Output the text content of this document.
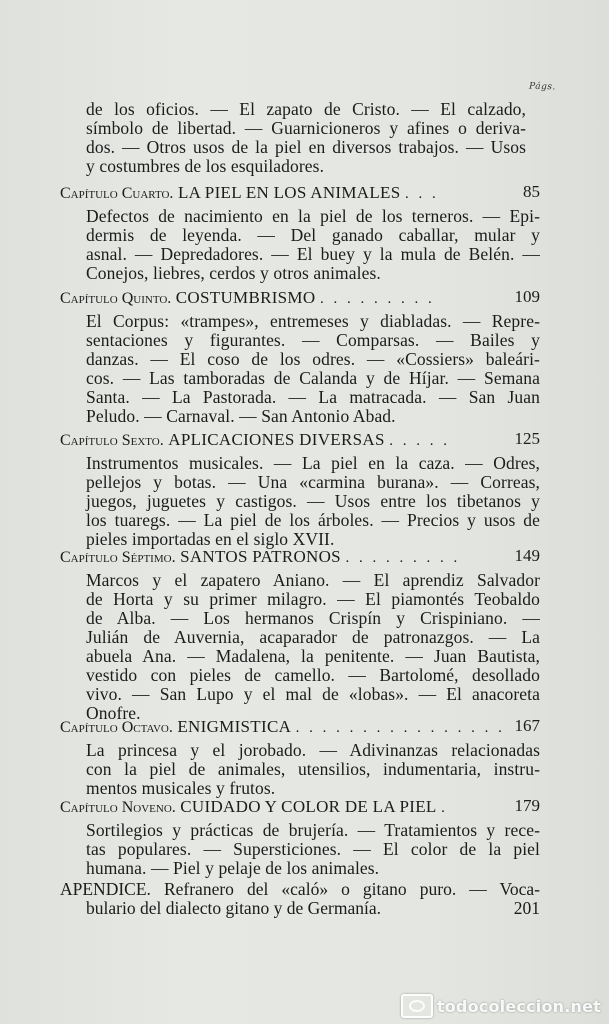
Págs.
de los oficios. — El zapato de Cristo. — El calzado,
símbolo de libertad. — Guarnicioneros y afines o deriva-
dos. — Otros usos de la piel en diversos trabajos. — Usos
y costumbres de los esquiladores.
Capítulo Cuarto. LA PIEL EN LOS ANIMALES . . .	85
Defectos de nacimiento en la piel de los terneros. — Epi-
dermis de leyenda. — Del ganado caballar, mular y
asnal. — Depredadores. — El buey y la mula de Belén. —
Conejos, liebres, cerdos y otros animales.
Capítulo Quinto. COSTUMBRISMO . . . . . . . . .	109
El Corpus: «trampes», entremeses y diabladas. — Repre-
sentaciones y figurantes. — Comparsas. — Bailes y
danzas. — El coso de los odres. — «Cossiers» baleári-
cos. — Las tamboradas de Calanda y de Híjar. — Semana
Santa. — La Pastorada. — La matracada. — San Juan
Peludo. — Carnaval. — San Antonio Abad.
Capítulo Sexto. APLICACIONES DIVERSAS . . . . .	125
Instrumentos musicales. — La piel en la caza. — Odres,
pellejos y botas. — Una «carmina burana». — Correas,
juegos, juguetes y castigos. — Usos entre los tibetanos y
los tuaregs. — La piel de los árboles. — Precios y usos de
pieles importadas en el siglo XVII.
Capítulo Séptimo. SANTOS PATRONOS . . . . . . . . .	149
Marcos y el zapatero Aniano. — El aprendiz Salvador
de Horta y su primer milagro. — El piamontés Teobaldo
de Alba. — Los hermanos Crispín y Crispiniano. —
Julián de Auvernia, acaparador de patronazgos. — La
abuela Ana. — Madalena, la penitente. — Juan Bautista,
vestido con pieles de camello. — Bartolomé, desollado
vivo. — San Lupo y el mal de «lobas». — El anacoreta
Onofre.
Capítulo Octavo. ENIGMISTICA . . . . . . . . . . . . . . . . 167
La princesa y el jorobado. — Adivinanzas relacionadas
con la piel de animales, utensilios, indumentaria, instru-
mentos musicales y frutos.
Capítulo Noveno. CUIDADO Y COLOR DE LA PIEL .	179
Sortilegios y prácticas de brujería. — Tratamientos y rece-
tas populares. — Supersticiones. — El color de la piel
humana. — Piel y pelaje de los animales.
APENDICE. Refranero del «caló» o gitano puro. — Voca-
bulario del dialecto gitano y de Germanía.	201
todocoleccion.net
